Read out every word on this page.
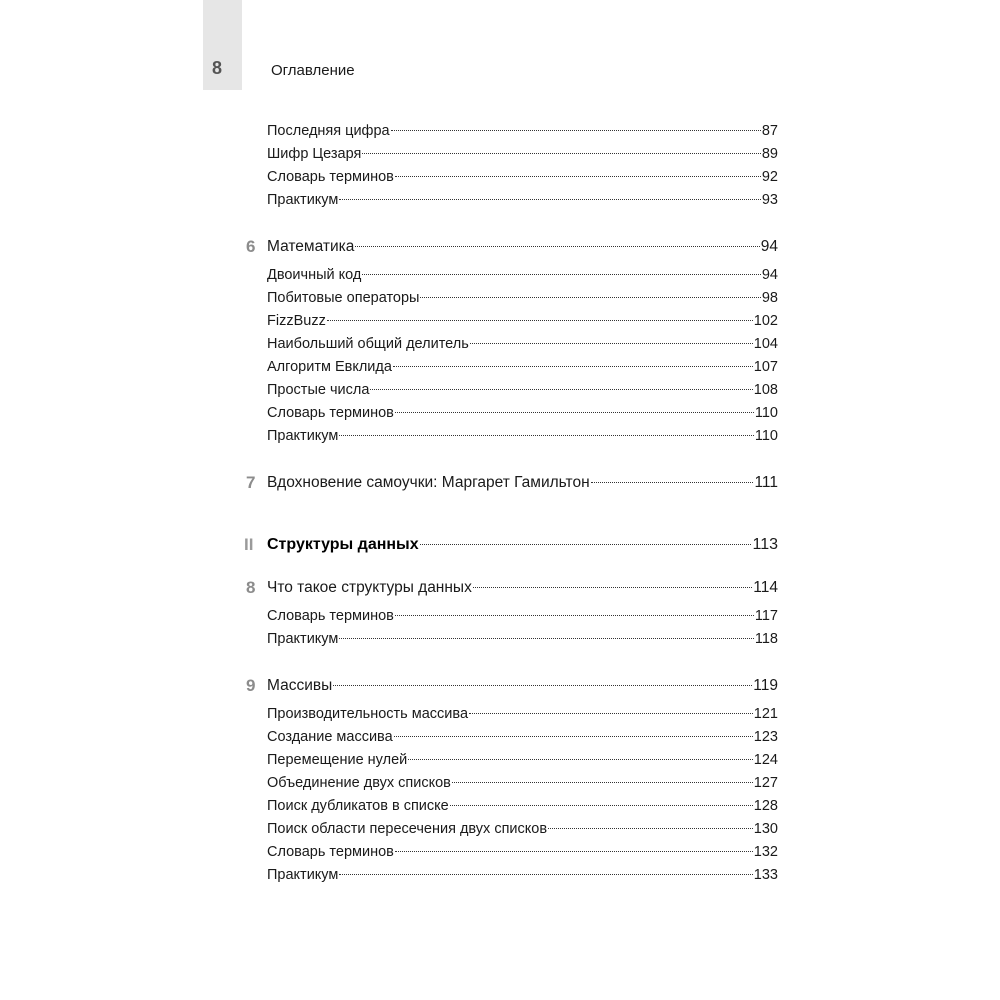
8	Оглавление
Последняя цифра	87
Шифр Цезаря	89
Словарь терминов	92
Практикум	93
6 Математика	94
Двоичный код	94
Побитовые операторы	98
FizzBuzz	102
Наибольший общий делитель	104
Алгоритм Евклида	107
Простые числа	108
Словарь терминов	110
Практикум	110
7 Вдохновение самоучки: Маргарет Гамильтон	111
II Структуры данных	113
8 Что такое структуры данных	114
Словарь терминов	117
Практикум	118
9 Массивы	119
Производительность массива	121
Создание массива	123
Перемещение нулей	124
Объединение двух списков	127
Поиск дубликатов в списке	128
Поиск области пересечения двух списков	130
Словарь терминов	132
Практикум	133
